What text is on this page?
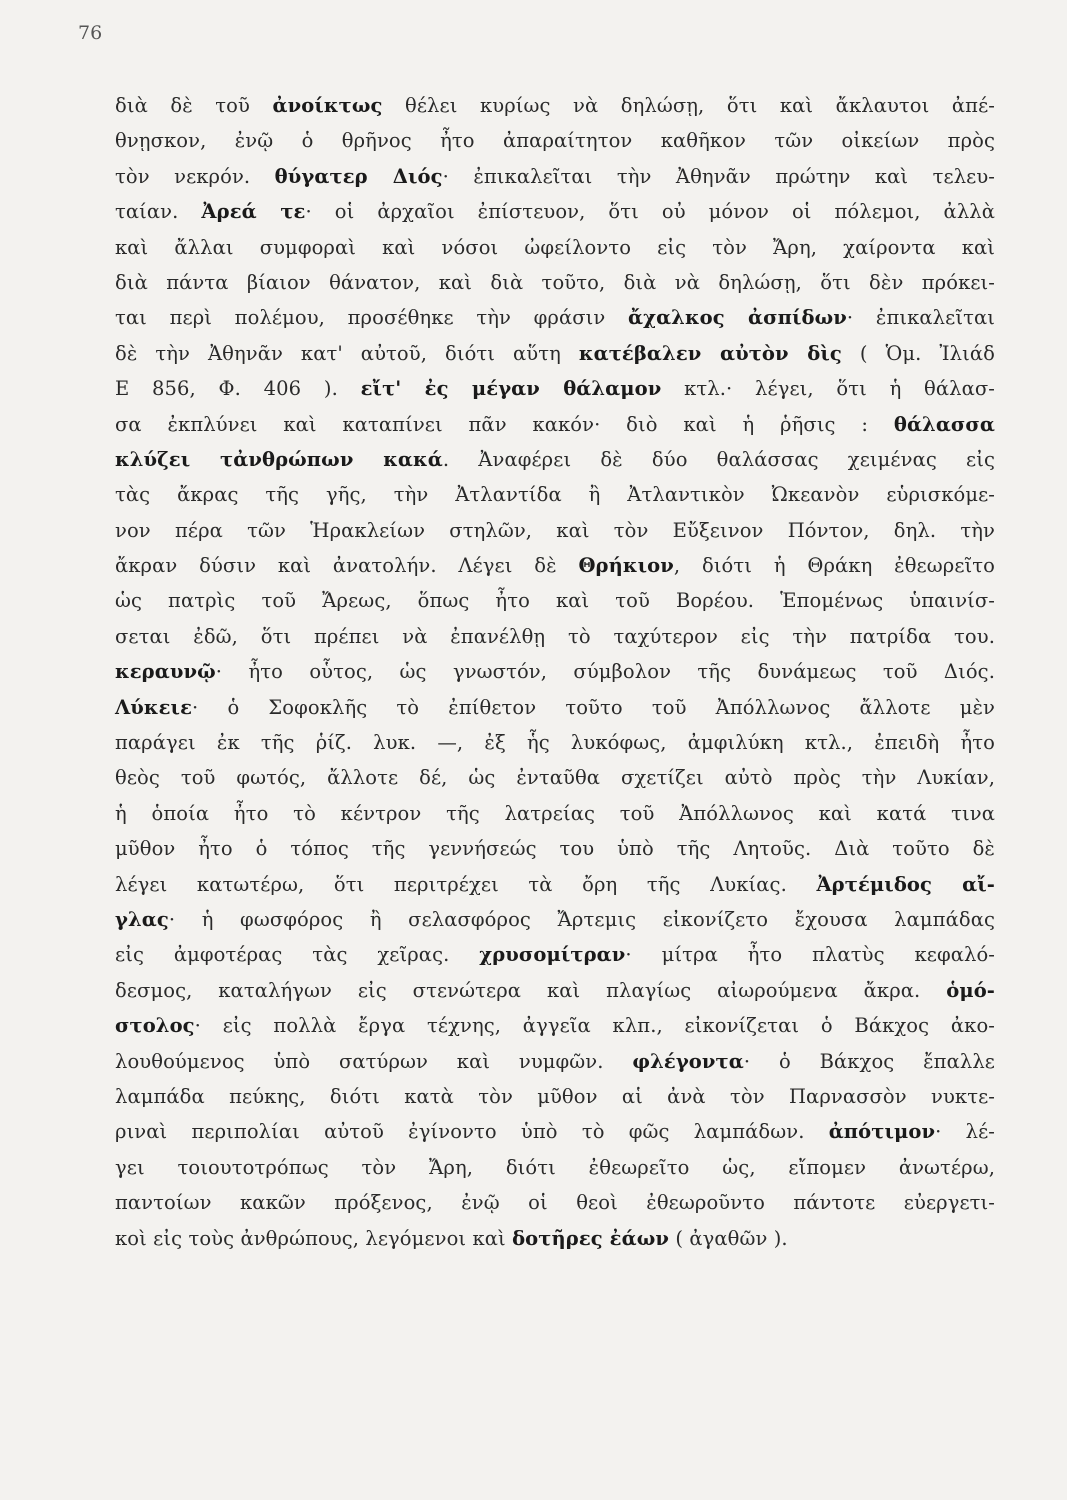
76
διὰ δὲ τοῦ ἀνοίκτως θέλει κυρίως νὰ δηλώσῃ, ὅτι καὶ ἄκλαυτοι ἀπέ-
θνῃσκον, ἐνῷ ὁ θρῆνος ἦτο ἀπαραίτητον καθῆκον τῶν οἰκείων πρὸς
τὸν νεκρόν. θύγατερ Διός· ἐπικαλεῖται τὴν Ἀθηνᾶν πρώτην καὶ τελευ-
ταίαν. Ἀρεά τε· οἱ ἀρχαῖοι ἐπίστευον, ὅτι οὐ μόνον οἱ πόλεμοι, ἀλλὰ
καὶ ἄλλαι συμφοραὶ καὶ νόσοι ὠφείλοντο εἰς τὸν Ἄρη, χαίροντα καὶ
διὰ πάντα βίαιον θάνατον, καὶ διὰ τοῦτο, διὰ νὰ δηλώσῃ, ὅτι δὲν πρόκει-
ται περὶ πολέμου, προσέθηκε τὴν φράσιν ἄχαλκος ἀσπίδων· ἐπικαλεῖται
δὲ τὴν Ἀθηνᾶν κατ' αὐτοῦ, διότι αὕτη κατέβαλεν αὐτὸν δὶς ( Ὁμ. Ἰλιάδ
Ε 856, Φ. 406 ). εἴτ' ἐς μέγαν θάλαμον κτλ.· λέγει, ὅτι ἡ θάλασ-
σα ἐκπλύνει καὶ καταπίνει πᾶν κακόν· διὸ καὶ ἡ ῥῆσις : θάλασσα
κλύζει τἀνθρώπων κακά. Ἀναφέρει δὲ δύο θαλάσσας χειμένας εἰς
τὰς ἄκρας τῆς γῆς, τὴν Ἀτλαντίδα ἢ Ἀτλαντικὸν Ὠκεανὸν εὑρισκόμε-
νον πέρα τῶν Ἡρακλείων στηλῶν, καὶ τὸν Εὔξεινον Πόντον, δηλ. τὴν
ἄκραν δύσιν καὶ ἀνατολήν. Λέγει δὲ Θρήκιον, διότι ἡ Θράκη ἐθεωρεῖτο
ὡς πατρὶς τοῦ Ἄρεως, ὅπως ἦτο καὶ τοῦ Βορέου. Ἑπομένως ὑπαινίσ-
σεται ἐδῶ, ὅτι πρέπει νὰ ἐπανέλθῃ τὸ ταχύτερον εἰς τὴν πατρίδα του.
κεραυνῷ· ἦτο οὗτος, ὡς γνωστόν, σύμβολον τῆς δυνάμεως τοῦ Διός.
Λύκειε· ὁ Σοφοκλῆς τὸ ἐπίθετον τοῦτο τοῦ Ἀπόλλωνος ἄλλοτε μὲν
παράγει ἐκ τῆς ῥίζ. λυκ. —, ἐξ ἧς λυκόφως, ἀμφιλύκη κτλ., ἐπειδὴ ἦτο
θεὸς τοῦ φωτός, ἄλλοτε δέ, ὡς ἐνταῦθα σχετίζει αὐτὸ πρὸς τὴν Λυκίαν,
ἡ ὁποία ἦτο τὸ κέντρον τῆς λατρείας τοῦ Ἀπόλλωνος καὶ κατά τινα
μῦθον ἦτο ὁ τόπος τῆς γεννήσεώς του ὑπὸ τῆς Λητοῦς. Διὰ τοῦτο δὲ
λέγει κατωτέρω, ὅτι περιτρέχει τὰ ὄρη τῆς Λυκίας. Ἀρτέμιδος αἴ-
γλας· ἡ φωσφόρος ἢ σελασφόρος Ἄρτεμις εἰκονίζετο ἔχουσα λαμπάδας
εἰς ἀμφοτέρας τὰς χεῖρας. χρυσομίτραν· μίτρα ἦτο πλατὺς κεφαλό-
δεσμος, καταλήγων εἰς στενώτερα καὶ πλαγίως αἰωρούμενα ἄκρα. ὁμό-
στολος· εἰς πολλὰ ἔργα τέχνης, ἀγγεῖα κλπ., εἰκονίζεται ὁ Βάκχος ἀκο-
λουθούμενος ὑπὸ σατύρων καὶ νυμφῶν. φλέγοντα· ὁ Βάκχος ἔπαλλε
λαμπάδα πεύκης, διότι κατὰ τὸν μῦθον αἱ ἀνὰ τὸν Παρνασσὸν νυκτε-
ριναὶ περιπολίαι αὐτοῦ ἐγίνοντο ὑπὸ τὸ φῶς λαμπάδων. ἀπότιμον· λέ-
γει τοιουτοτρόπως τὸν Ἄρη, διότι ἐθεωρεῖτο ὡς, εἴπομεν ἀνωτέρω,
παντοίων κακῶν πρόξενος, ἐνῷ οἱ θεοὶ ἐθεωροῦντο πάντοτε εὐεργετι-
κοὶ εἰς τοὺς ἀνθρώπους, λεγόμενοι καὶ δοτῆρες ἐάων ( ἀγαθῶν ).
